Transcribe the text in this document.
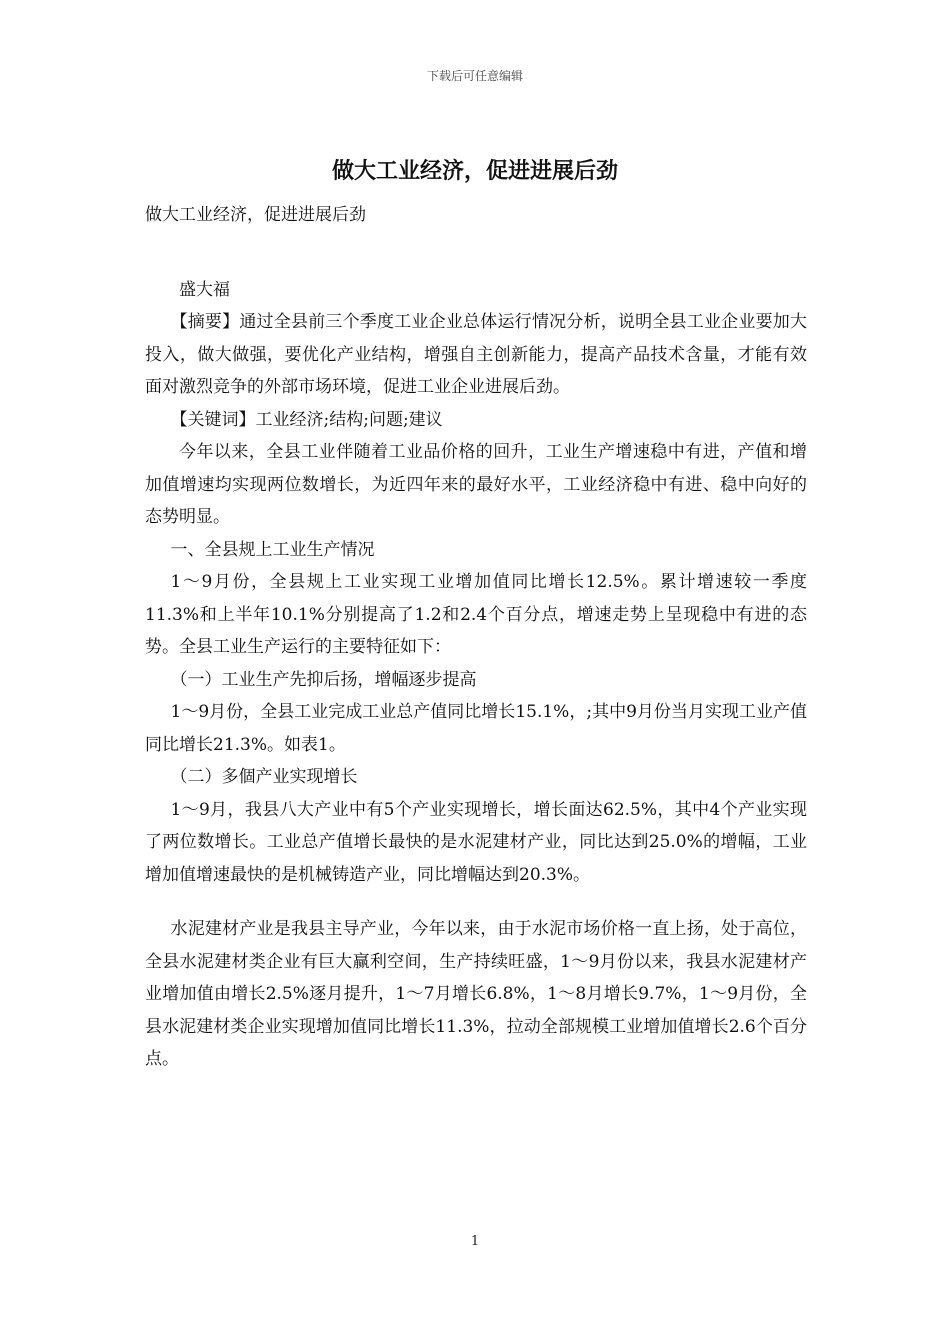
下载后可任意编辑
做大工业经济，促进进展后劲

做大工业经济，促进进展后劲

盛大福

【摘要】通过全县前三个季度工业企业总体运行情况分析，说明全县工业企业要加大投入，做大做强，要优化产业结构，增强自主创新能力，提高产品技术含量，才能有效面对激烈竞争的外部市场环境，促进工业企业进展后劲。

【关键词】工业经济;结构;问题;建议

今年以来，全县工业伴随着工业品价格的回升，工业生产增速稳中有进，产值和增加值增速均实现两位数增长，为近四年来的最好水平，工业经济稳中有进、稳中向好的态势明显。

一、全县规上工业生产情况

1～9月份，全县规上工业实现工业增加值同比增长12.5%。累计增速较一季度11.3%和上半年10.1%分别提高了1.2和2.4个百分点，增速走势上呈现稳中有进的态势。全县工业生产运行的主要特征如下：

（一）工业生产先抑后扬，增幅逐步提高

1～9月份，全县工业完成工业总产值同比增长15.1%，;其中9月份当月实现工业产值同比增长21.3%。如表1。

（二）多個产业实现增长

1～9月，我县八大产业中有5个产业实现增长，增长面达62.5%，其中4个产业实现了两位数增长。工业总产值增长最快的是水泥建材产业，同比达到25.0%的增幅，工业增加值增速最快的是机械铸造产业，同比增幅达到20.3%。

水泥建材产业是我县主导产业，今年以来，由于水泥市场价格一直上扬，处于高位，全县水泥建材类企业有巨大赢利空间，生产持续旺盛，1～9月份以来，我县水泥建材产业增加值由增长2.5%逐月提升，1～7月增长6.8%，1～8月增长9.7%，1～9月份，全县水泥建材类企业实现增加值同比增长11.3%，拉动全部规模工业增加值增长2.6个百分点。

1
